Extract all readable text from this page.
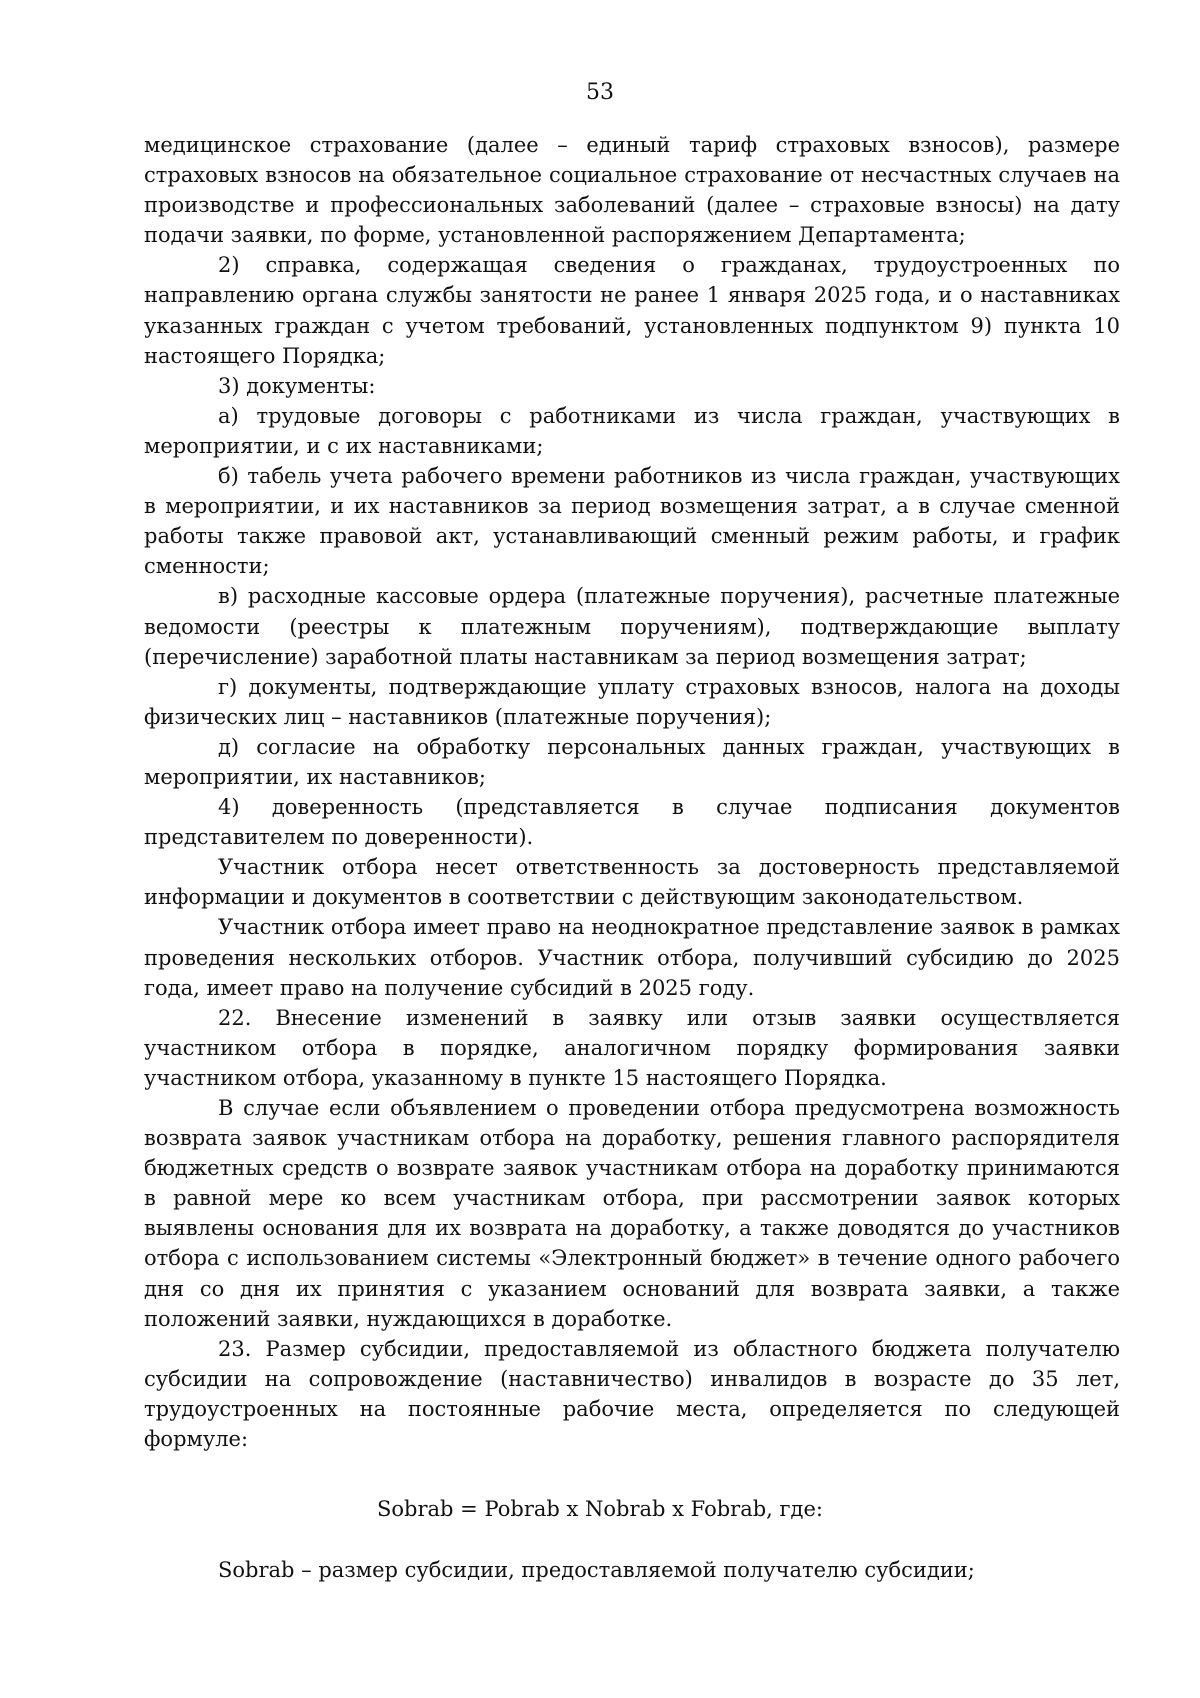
53

медицинское страхование (далее – единый тариф страховых взносов), размере страховых взносов на обязательное социальное страхование от несчастных случаев на производстве и профессиональных заболеваний (далее – страховые взносы) на дату подачи заявки, по форме, установленной распоряжением Департамента;

2) справка, содержащая сведения о гражданах, трудоустроенных по направлению органа службы занятости не ранее 1 января 2025 года, и о наставниках указанных граждан с учетом требований, установленных подпунктом 9) пункта 10 настоящего Порядка;

3) документы:

а) трудовые договоры с работниками из числа граждан, участвующих в мероприятии, и с их наставниками;

б) табель учета рабочего времени работников из числа граждан, участвующих в мероприятии, и их наставников за период возмещения затрат, а в случае сменной работы также правовой акт, устанавливающий сменный режим работы, и график сменности;

в) расходные кассовые ордера (платежные поручения), расчетные платежные ведомости (реестры к платежным поручениям), подтверждающие выплату (перечисление) заработной платы наставникам за период возмещения затрат;

г) документы, подтверждающие уплату страховых взносов, налога на доходы физических лиц – наставников (платежные поручения);

д) согласие на обработку персональных данных граждан, участвующих в мероприятии, их наставников;

4) доверенность (представляется в случае подписания документов представителем по доверенности).

Участник отбора несет ответственность за достоверность представляемой информации и документов в соответствии с действующим законодательством.

Участник отбора имеет право на неоднократное представление заявок в рамках проведения нескольких отборов. Участник отбора, получивший субсидию до 2025 года, имеет право на получение субсидий в 2025 году.

22. Внесение изменений в заявку или отзыв заявки осуществляется участником отбора в порядке, аналогичном порядку формирования заявки участником отбора, указанному в пункте 15 настоящего Порядка.

В случае если объявлением о проведении отбора предусмотрена возможность возврата заявок участникам отбора на доработку, решения главного распорядителя бюджетных средств о возврате заявок участникам отбора на доработку принимаются в равной мере ко всем участникам отбора, при рассмотрении заявок которых выявлены основания для их возврата на доработку, а также доводятся до участников отбора с использованием системы «Электронный бюджет» в течение одного рабочего дня со дня их принятия с указанием оснований для возврата заявки, а также положений заявки, нуждающихся в доработке.

23. Размер субсидии, предоставляемой из областного бюджета получателю субсидии на сопровождение (наставничество) инвалидов в возрасте до 35 лет, трудоустроенных на постоянные рабочие места, определяется по следующей формуле:

Sobrab = Pobrab x Nobrab x Fobrab, где:
Sobrab – размер субсидии, предоставляемой получателю субсидии;
